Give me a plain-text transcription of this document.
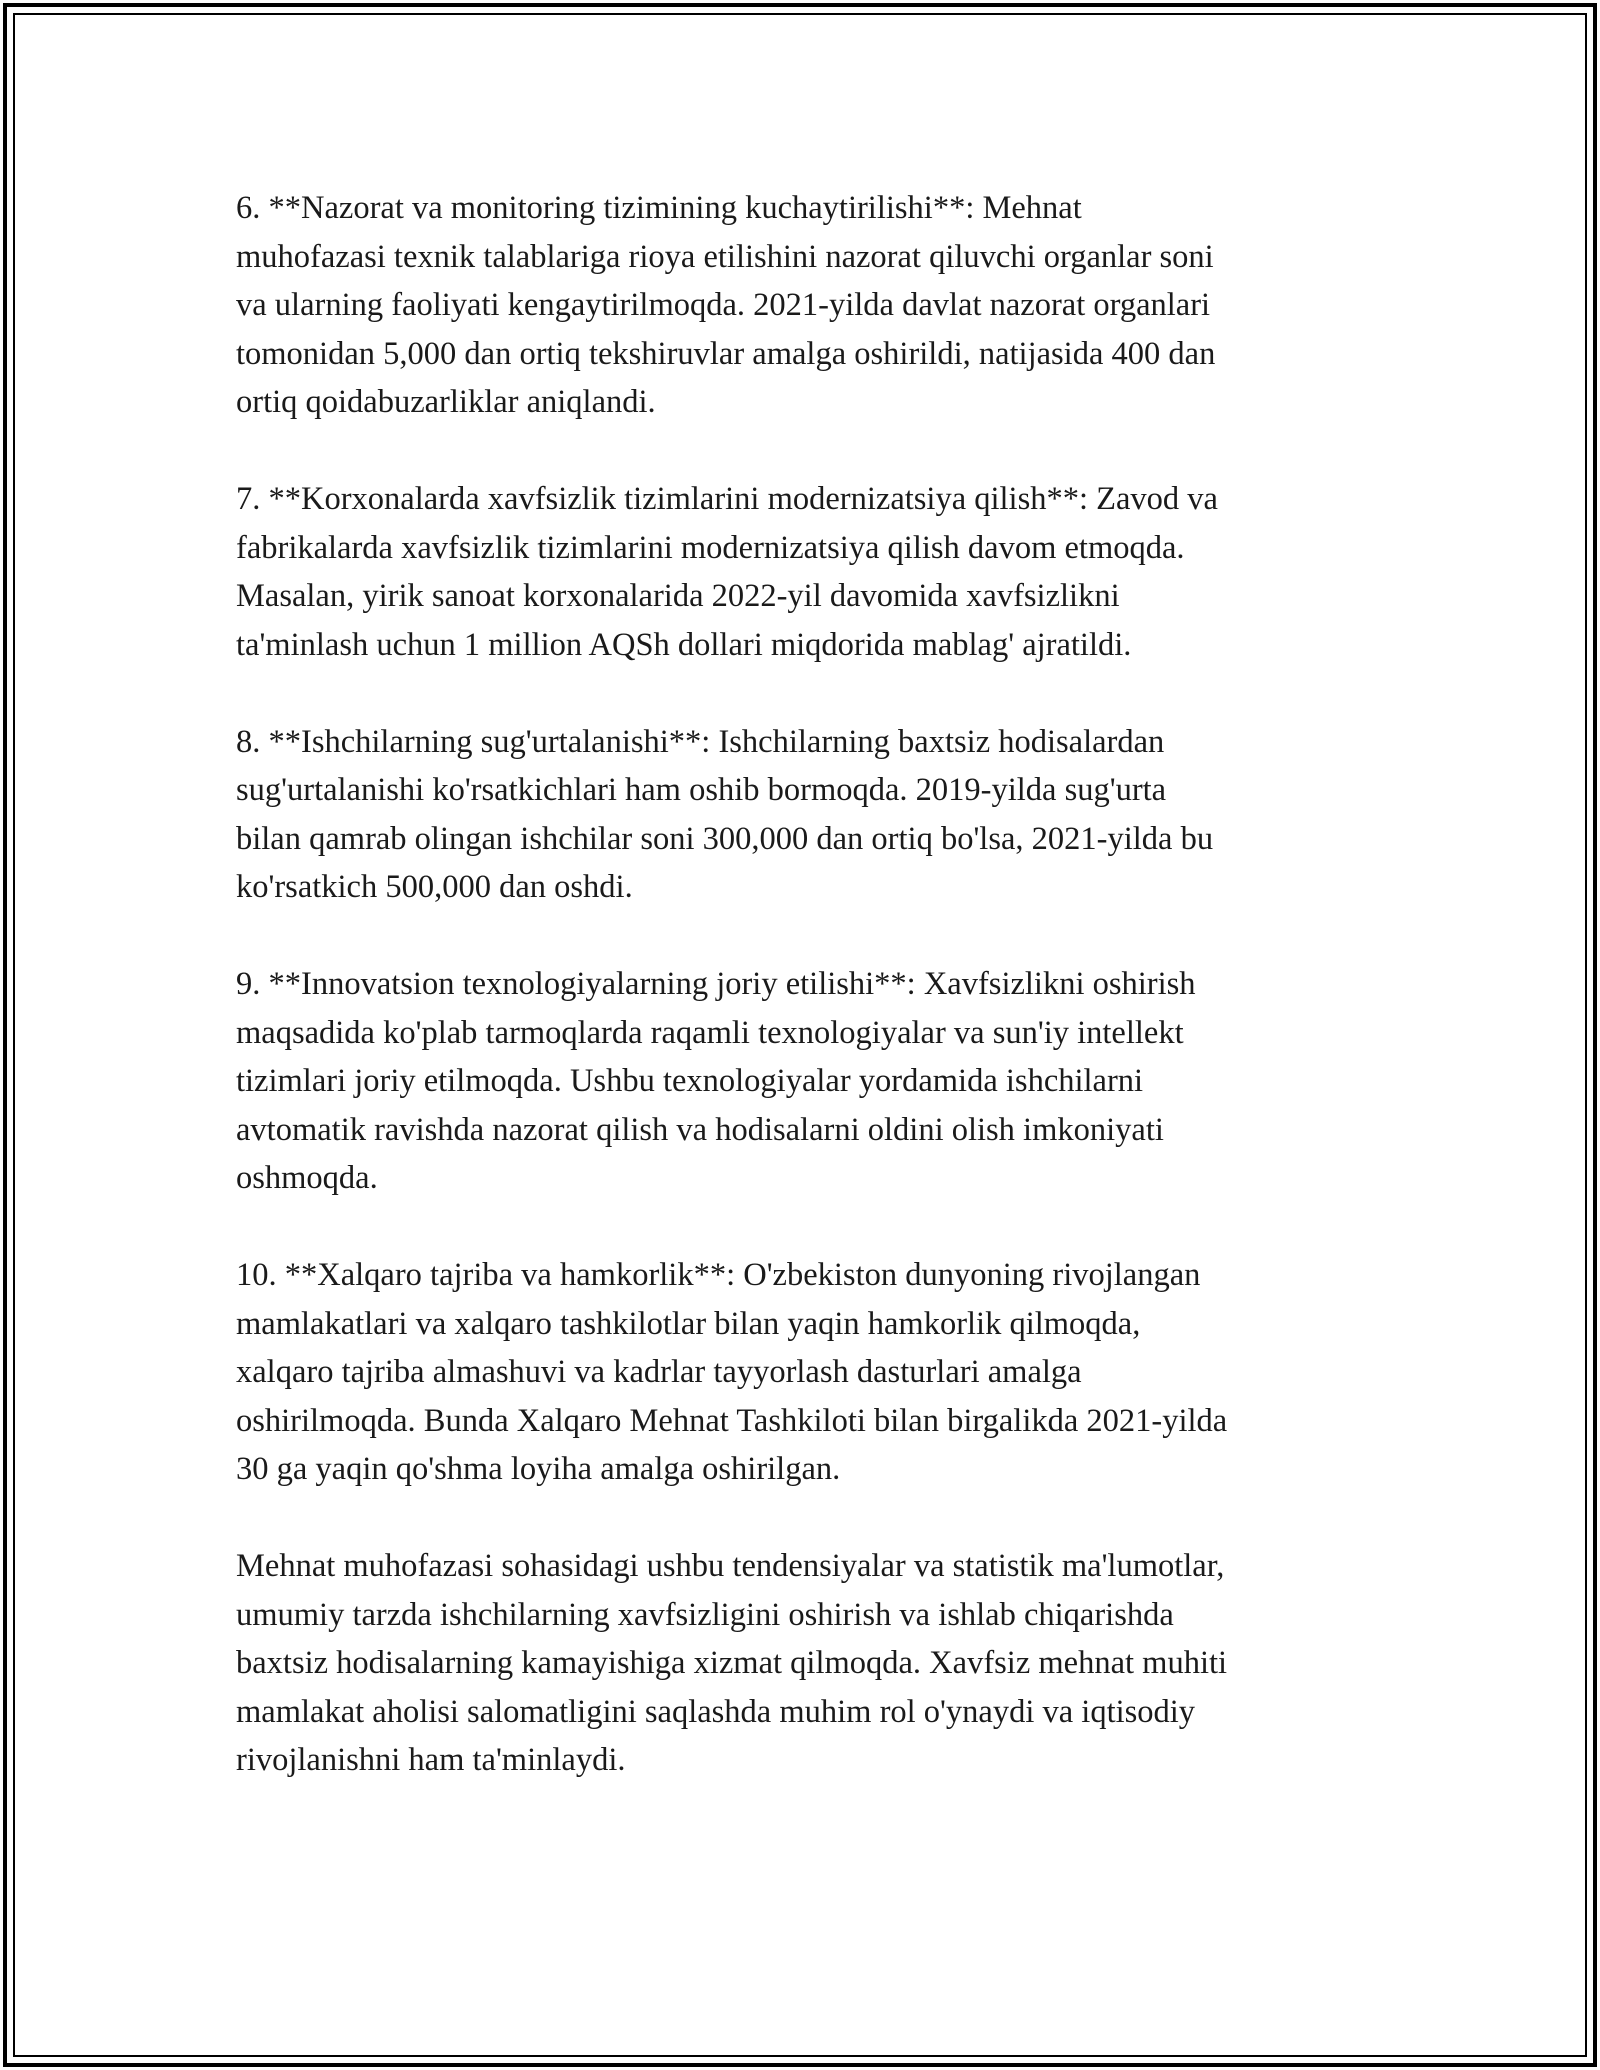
6. **Nazorat va monitoring tizimining kuchaytirilishi**: Mehnat
muhofazasi texnik talablariga rioya etilishini nazorat qiluvchi organlar soni
va ularning faoliyati kengaytirilmoqda. 2021-yilda davlat nazorat organlari
tomonidan 5,000 dan ortiq tekshiruvlar amalga oshirildi, natijasida 400 dan
ortiq qoidabuzarliklar aniqlandi.

7. **Korxonalarda xavfsizlik tizimlarini modernizatsiya qilish**: Zavod va
fabrikalarda xavfsizlik tizimlarini modernizatsiya qilish davom etmoqda.
Masalan, yirik sanoat korxonalarida 2022-yil davomida xavfsizlikni
ta'minlash uchun 1 million AQSh dollari miqdorida mablag' ajratildi.

8. **Ishchilarning sug'urtalanishi**: Ishchilarning baxtsiz hodisalardan
sug'urtalanishi ko'rsatkichlari ham oshib bormoqda. 2019-yilda sug'urta
bilan qamrab olingan ishchilar soni 300,000 dan ortiq bo'lsa, 2021-yilda bu
ko'rsatkich 500,000 dan oshdi.

9. **Innovatsion texnologiyalarning joriy etilishi**: Xavfsizlikni oshirish
maqsadida ko'plab tarmoqlarda raqamli texnologiyalar va sun'iy intellekt
tizimlari joriy etilmoqda. Ushbu texnologiyalar yordamida ishchilarni
avtomatik ravishda nazorat qilish va hodisalarni oldini olish imkoniyati
oshmoqda.

10. **Xalqaro tajriba va hamkorlik**: O'zbekiston dunyoning rivojlangan
mamlakatlari va xalqaro tashkilotlar bilan yaqin hamkorlik qilmoqda,
xalqaro tajriba almashuvi va kadrlar tayyorlash dasturlari amalga
oshirilmoqda. Bunda Xalqaro Mehnat Tashkiloti bilan birgalikda 2021-yilda
30 ga yaqin qo'shma loyiha amalga oshirilgan.

Mehnat muhofazasi sohasidagi ushbu tendensiyalar va statistik ma'lumotlar,
umumiy tarzda ishchilarning xavfsizligini oshirish va ishlab chiqarishda
baxtsiz hodisalarning kamayishiga xizmat qilmoqda. Xavfsiz mehnat muhiti
mamlakat aholisi salomatligini saqlashda muhim rol o'ynaydi va iqtisodiy
rivojlanishni ham ta'minlaydi.
